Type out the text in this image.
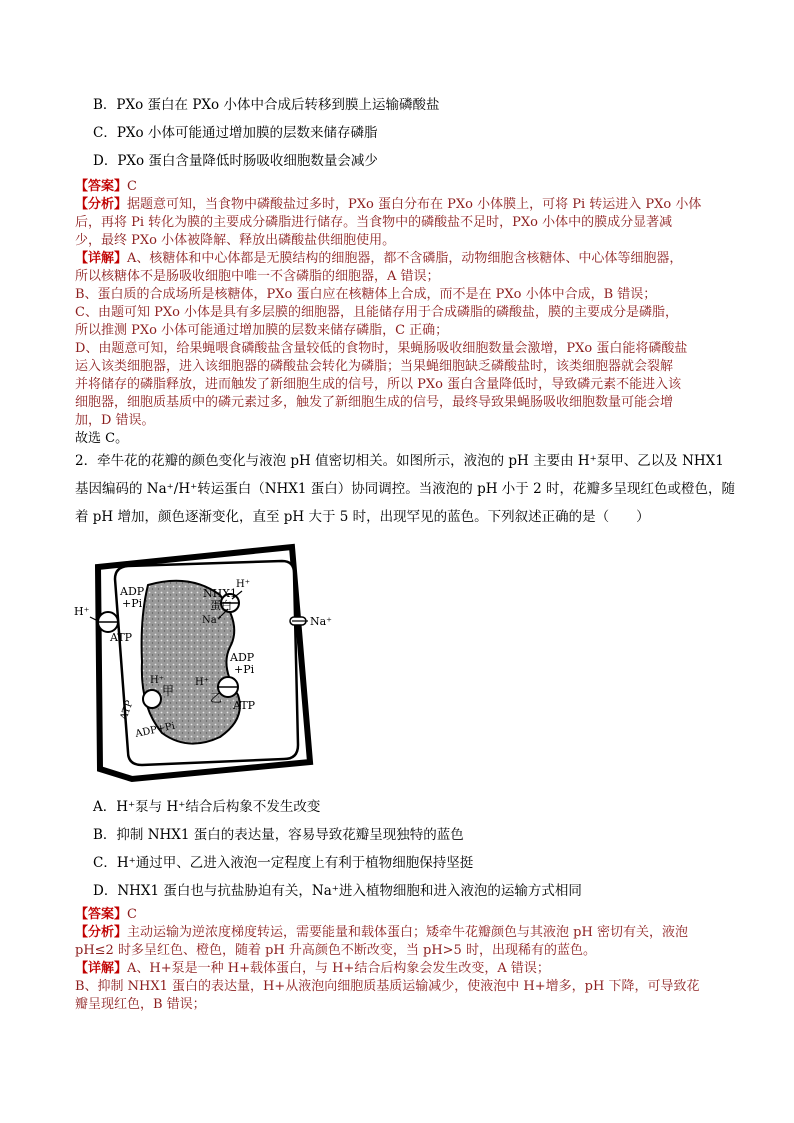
B．PXo 蛋白在 PXo 小体中合成后转移到膜上运输磷酸盐
C．PXo 小体可能通过增加膜的层数来储存磷脂
D．PXo 蛋白含量降低时肠吸收细胞数量会减少
【答案】C
【分析】据题意可知，当食物中磷酸盐过多时，PXo 蛋白分布在 PXo 小体膜上，可将 Pi 转运进入 PXo 小体
后，再将 Pi 转化为膜的主要成分磷脂进行储存。当食物中的磷酸盐不足时，PXo 小体中的膜成分显著减
少，最终 PXo 小体被降解、释放出磷酸盐供细胞使用。
【详解】A、核糖体和中心体都是无膜结构的细胞器，都不含磷脂，动物细胞含核糖体、中心体等细胞器，
所以核糖体不是肠吸收细胞中唯一不含磷脂的细胞器，A 错误；
B、蛋白质的合成场所是核糖体，PXo 蛋白应在核糖体上合成，而不是在 PXo 小体中合成，B 错误；
C、由题可知 PXo 小体是具有多层膜的细胞器，且能储存用于合成磷脂的磷酸盐，膜的主要成分是磷脂，
所以推测 PXo 小体可能通过增加膜的层数来储存磷脂，C 正确；
D、由题意可知，给果蝇喂食磷酸盐含量较低的食物时，果蝇肠吸收细胞数量会激增，PXo 蛋白能将磷酸盐
运入该类细胞器，进入该细胞器的磷酸盐会转化为磷脂；当果蝇细胞缺乏磷酸盐时，该类细胞器就会裂解
并将储存的磷脂释放，进而触发了新细胞生成的信号，所以 PXo 蛋白含量降低时，导致磷元素不能进入该
细胞器，细胞质基质中的磷元素过多，触发了新细胞生成的信号，最终导致果蝇肠吸收细胞数量可能会增
加，D 错误。
故选 C。
2．牵牛花的花瓣的颜色变化与液泡 pH 值密切相关。如图所示，液泡的 pH 主要由 H⁺泵甲、乙以及 NHX1
基因编码的 Na⁺/H⁺转运蛋白（NHX1 蛋白）协同调控。当液泡的 pH 小于 2 时，花瓣多呈现红色或橙色，随
着 pH 增加，颜色逐渐变化，直至 pH 大于 5 时，出现罕见的蓝色。下列叙述正确的是（　　）
NHX1
蛋白
H⁺
Na⁺	Na⁺
H⁺
ADP
+Pi
ATP
乙
H⁺
ADP
+Pi
ATP
甲
H⁺
ATP
ADP+Pi
A．H⁺泵与 H⁺结合后构象不发生改变
B．抑制 NHX1 蛋白的表达量，容易导致花瓣呈现独特的蓝色
C．H⁺通过甲、乙进入液泡一定程度上有利于植物细胞保持坚挺
D．NHX1 蛋白也与抗盐胁迫有关，Na⁺进入植物细胞和进入液泡的运输方式相同
【答案】C
【分析】主动运输为逆浓度梯度转运，需要能量和载体蛋白；矮牵牛花瓣颜色与其液泡 pH 密切有关，液泡
pH≤2 时多呈红色、橙色，随着 pH 升高颜色不断改变，当 pH>5 时，出现稀有的蓝色。
【详解】A、H+泵是一种 H+载体蛋白，与 H+结合后构象会发生改变，A 错误；
B、抑制 NHX1 蛋白的表达量，H+从液泡向细胞质基质运输减少，使液泡中 H+增多，pH 下降，可导致花
瓣呈现红色，B 错误；
